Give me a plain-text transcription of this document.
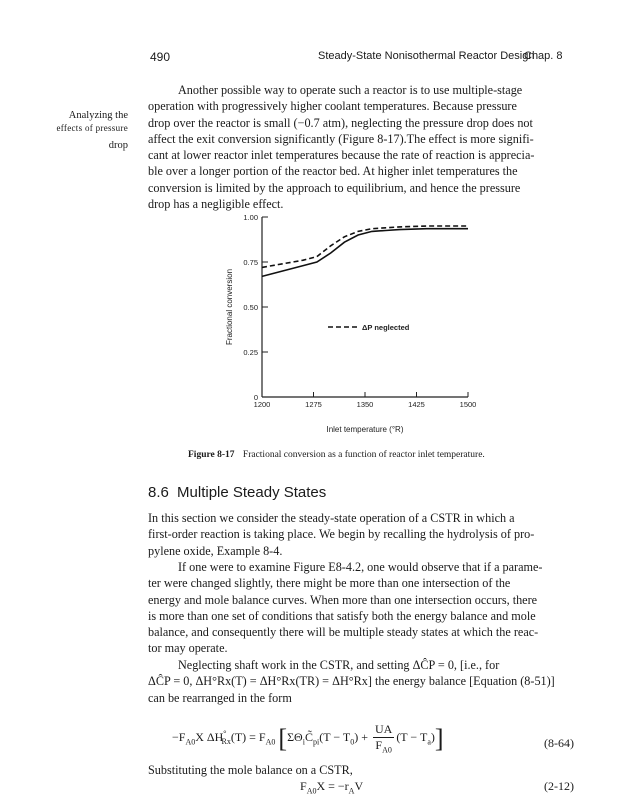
490	Steady-State Nonisothermal Reactor Design
Chap. 8
Analyzing the
effects of pressure
drop
Another possible way to operate such a reactor is to use multiple-stage
operation with progressively higher coolant temperatures. Because pressure
drop over the reactor is small (−0.7 atm), neglecting the pressure drop does not
affect the exit conversion significantly (Figure 8-17).The effect is more signifi-
cant at lower reactor inlet temperatures because the rate of reaction is apprecia-
ble over a longer portion of the reactor bed. At higher inlet temperatures the
conversion is limited by the approach to equilibrium, and hence the pressure
drop has a negligible effect.
0
0.25
0.50
0.75
1.00
1200	1275	1350	1425	1500
Fractional conversion
Inlet temperature (°R)
ΔP neglected
Figure 8-17 Fractional conversion as a function of reactor inlet temperature.
8.6 Multiple Steady States
In this section we consider the steady-state operation of a CSTR in which a
first-order reaction is taking place. We begin by recalling the hydrolysis of pro-
pylene oxide, Example 8-4.
If one were to examine Figure E8-4.2, one would observe that if a parame-
ter were changed slightly, there might be more than one intersection of the
energy and mole balance curves. When more than one intersection occurs, there
is more than one set of conditions that satisfy both the energy balance and mole
balance, and consequently there will be multiple steady states at which the reac-
tor may operate.
Neglecting shaft work in the CSTR, and setting ΔĈP = 0, [i.e., for
ΔĈP = 0, ΔH°Rx(T) = ΔH°Rx(TR) = ΔH°Rx] the energy balance [Equation (8-51)]
can be rearranged in the form
$-F_{A0}X$ $\Delta H^\circ_{Rx}(T) = F_{A0}$ $[\Sigma\Theta_iC̃_{pi}(T - T_0) + \frac{UA}{F_{A0}} (T - T_a)]$	(8-64)
Substituting the mole balance on a CSTR,
$F_{A0}X = -r_AV$	(2-12)
